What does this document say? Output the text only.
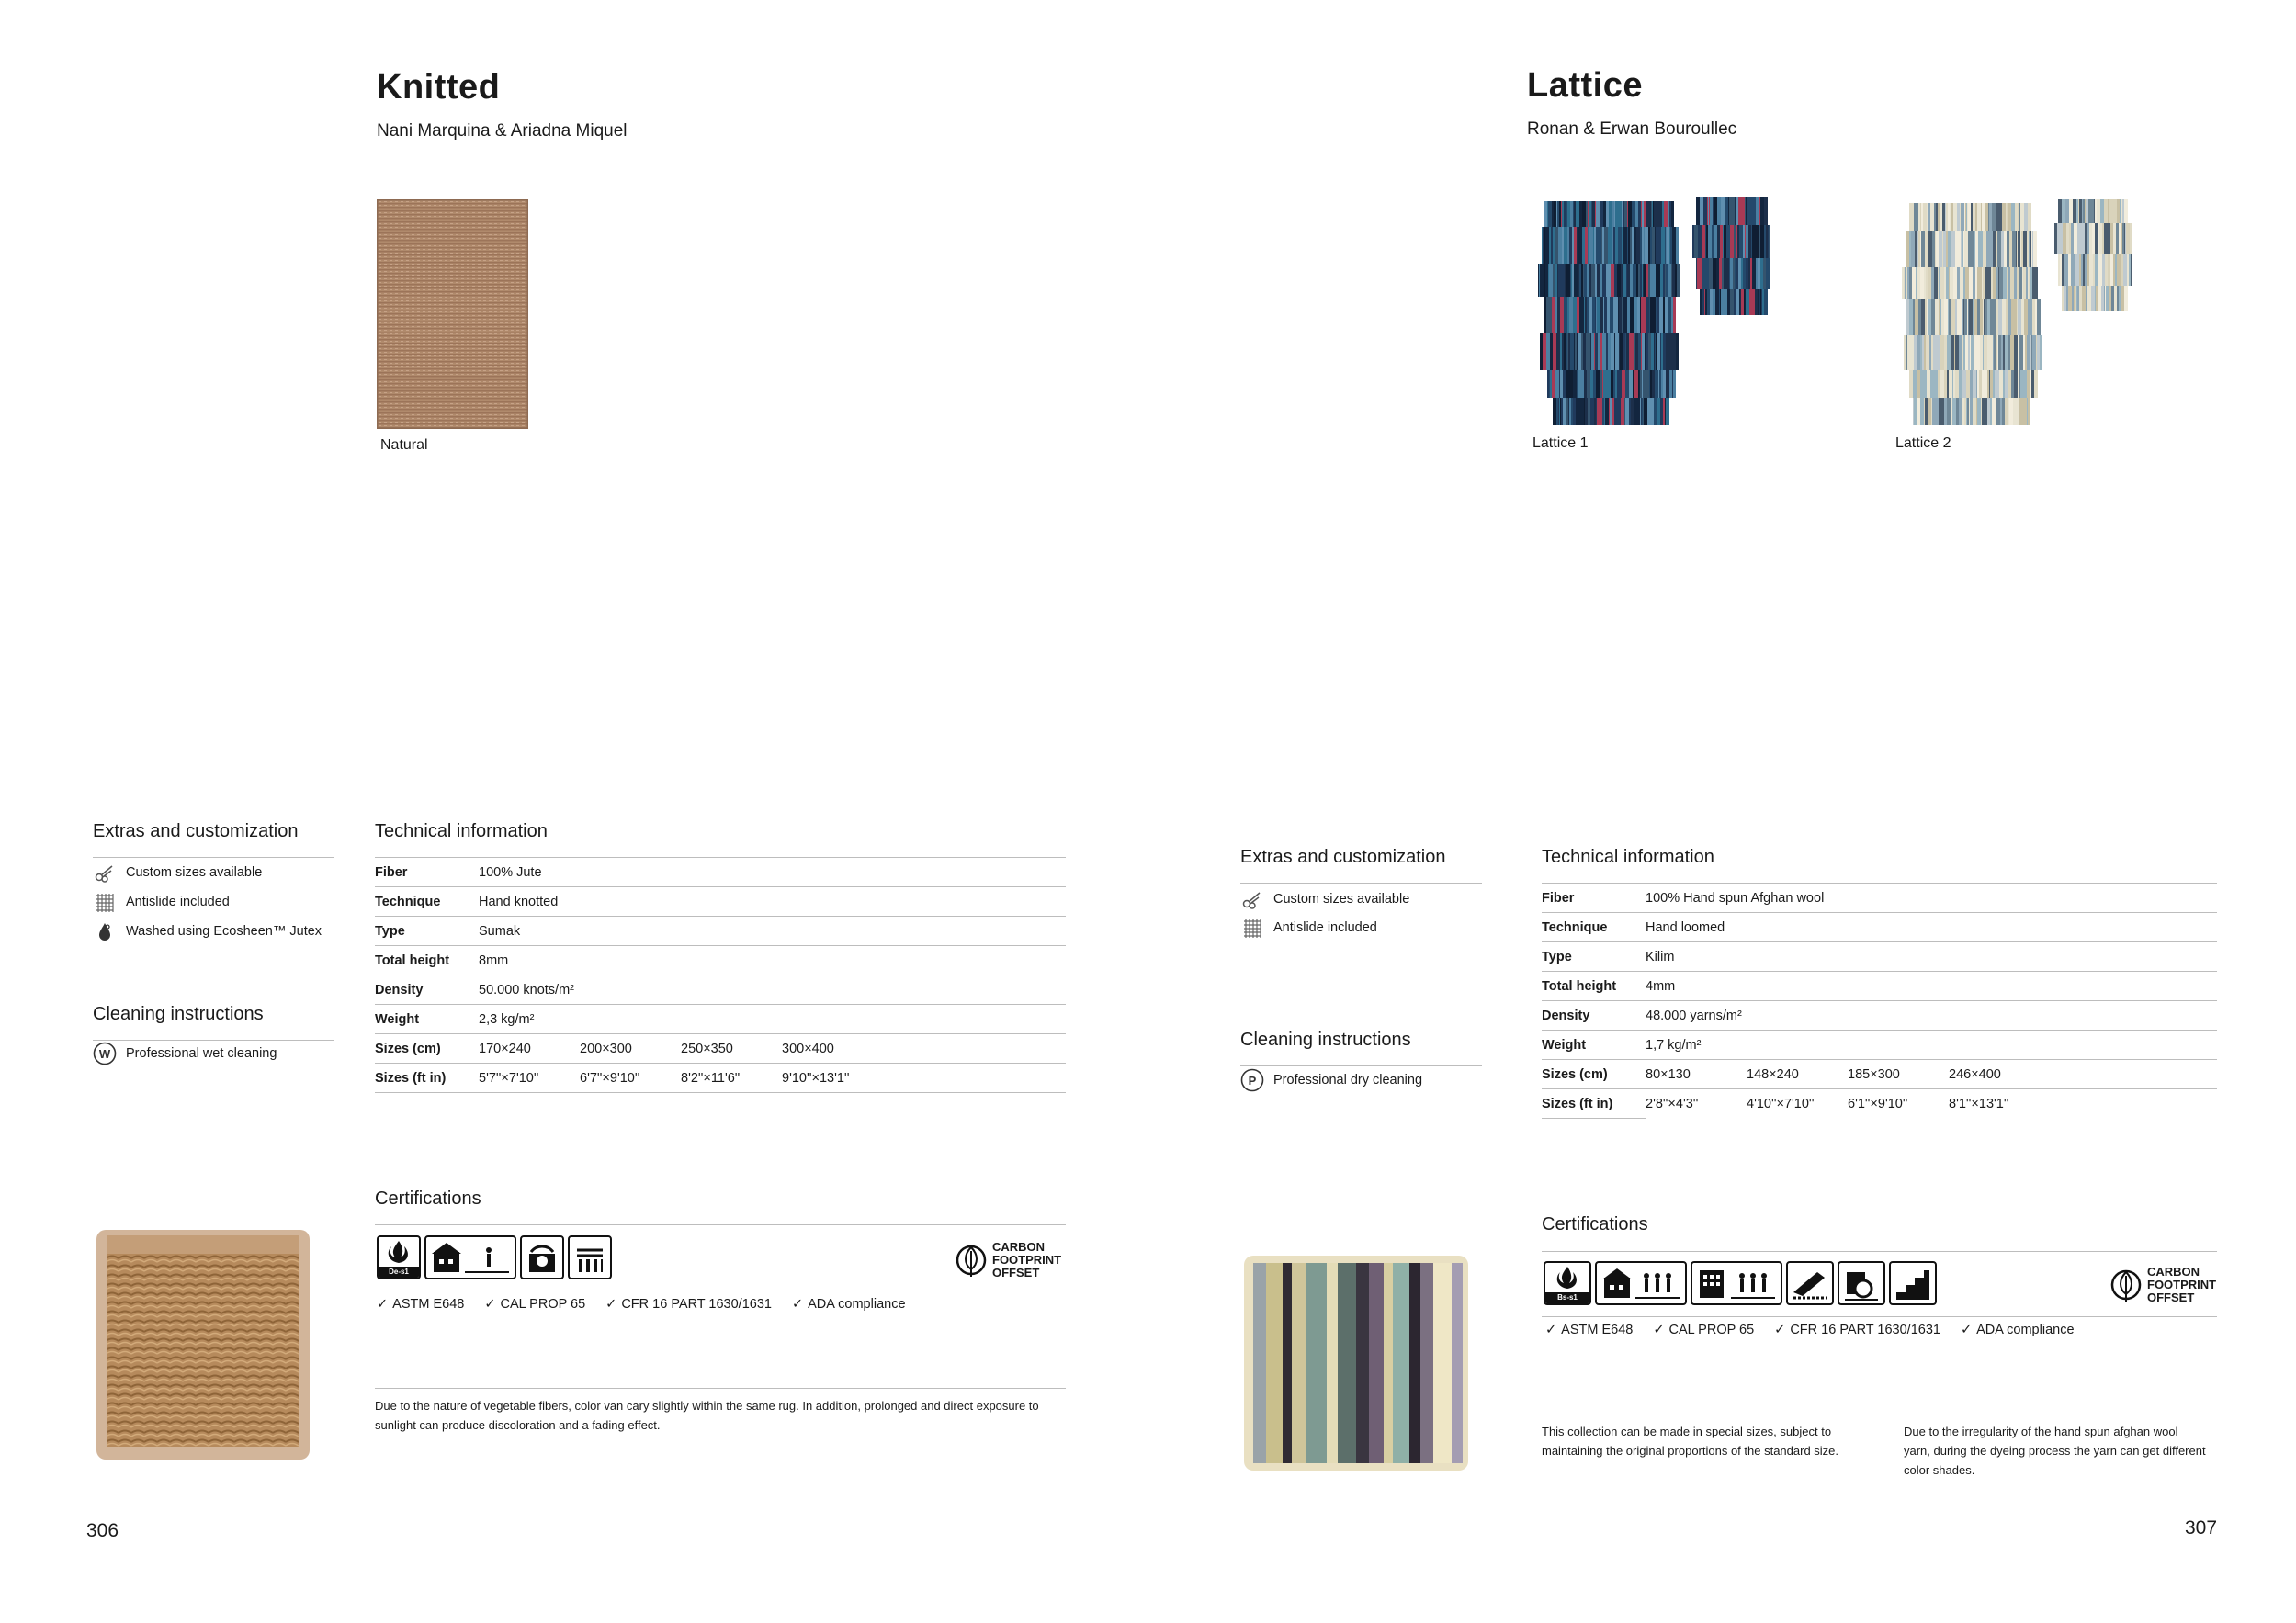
Knitted
Nani Marquina & Ariadna Miquel
Natural
Extras and customization
Custom sizes available
Antislide included
Washed using Ecosheen™ Jutex
Cleaning instructions
W Professional wet cleaning
Technical information
Fiber	100% Jute
Technique	Hand knotted
Type	Sumak
Total height	8mm
Density	50.000 knots/m²
Weight	2,3 kg/m²
Sizes (cm)	170×240 200×300 250×350 300×400

Sizes (ft in)	5'7''×7'10'' 6'7''×9'10'' 8'2''×11'6'' 9'10''×13'1''
Certifications
De-s1
CARBON
FOOTPRINT
OFFSET
✓ ASTM E648 ✓ CAL PROP 65 ✓ CFR 16 PART 1630/1631 ✓ ADA compliance
Due to the nature of vegetable fibers, color van cary slightly within the same rug. In addition, prolonged and direct exposure to sunlight can produce discoloration and a fading effect.
306
Lattice
Ronan & Erwan Bouroullec
Lattice 1	Lattice 2
Extras and customization
Custom sizes available
Antislide included
Cleaning instructions
P Professional dry cleaning
Technical information
Fiber	100% Hand spun Afghan wool
Technique	Hand loomed
Type	Kilim
Total height	4mm
Density	48.000 yarns/m²
Weight	1,7 kg/m²
Sizes (cm)	80×130 148×240 185×300 246×400

Sizes (ft in)	2'8''×4'3'' 4'10''×7'10'' 6'1''×9'10'' 8'1''×13'1''
Certifications
Bs-s1
CARBON
FOOTPRINT
OFFSET
✓ ASTM E648 ✓ CAL PROP 65 ✓ CFR 16 PART 1630/1631 ✓ ADA compliance
This collection can be made in special sizes, subject to maintaining the original proportions of the standard size.
Due to the irregularity of the hand spun afghan wool yarn, during the dyeing process the yarn can get different color shades.
307
